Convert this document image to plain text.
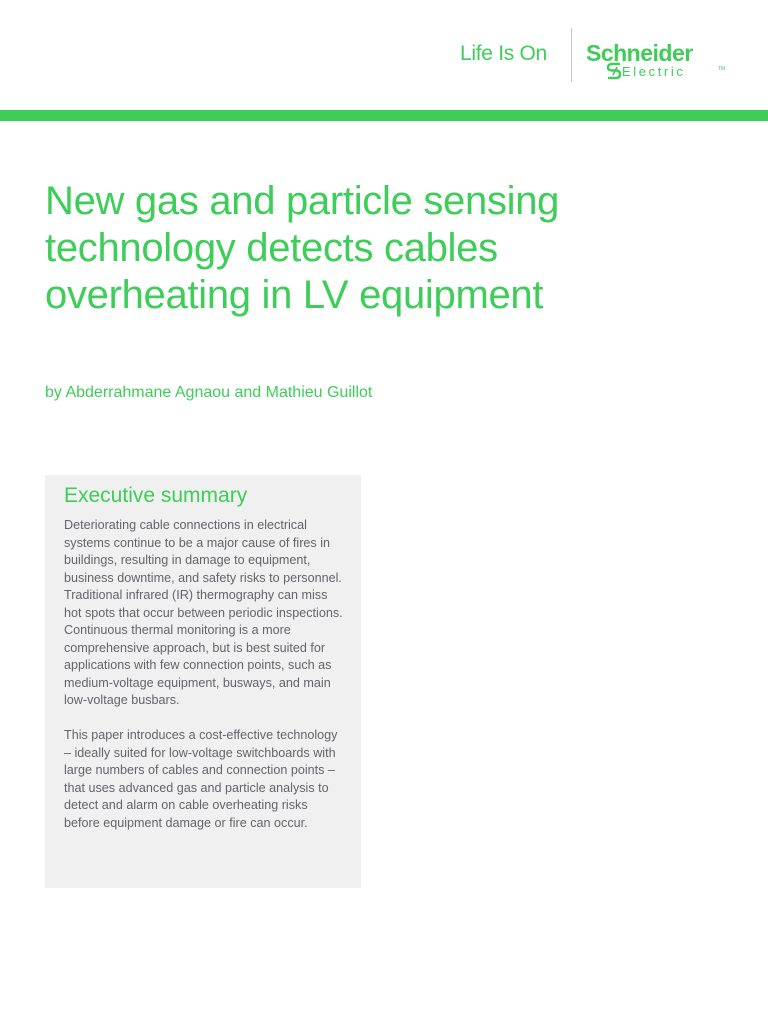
Life Is On Schneider
Electric	TM
New gas and particle sensing technology detects cables overheating in LV equipment
by Abderrahmane Agnaou and Mathieu Guillot
Executive summary

Deteriorating cable connections in electrical systems continue to be a major cause of fires in buildings, resulting in damage to equipment, business downtime, and safety risks to personnel. Traditional infrared (IR) thermography can miss hot spots that occur between periodic inspections. Continuous thermal monitoring is a more comprehensive approach, but is best suited for applications with few connection points, such as medium-voltage equipment, busways, and main low-voltage busbars.

This paper introduces a cost-effective technology – ideally suited for low-voltage switchboards with large numbers of cables and connection points – that uses advanced gas and particle analysis to detect and alarm on cable overheating risks before equipment damage or fire can occur.
